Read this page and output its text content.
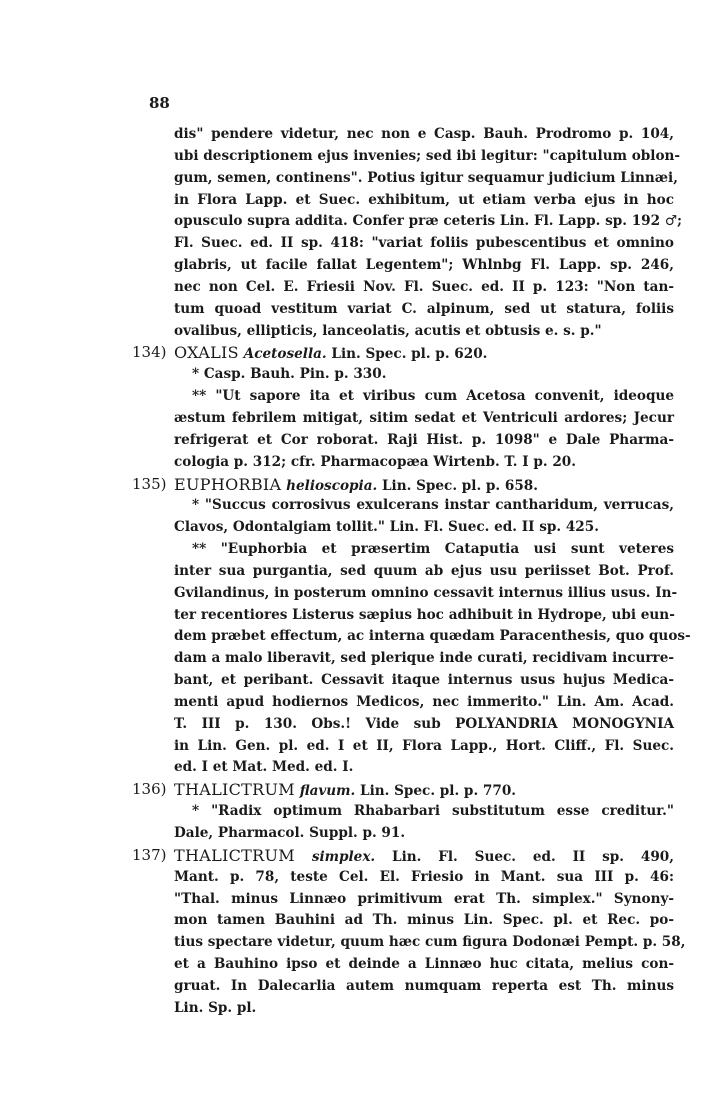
88
dis" pendere videtur, nec non e Casp. Bauh. Prodromo p. 104,
ubi descriptionem ejus invenies; sed ibi legitur: "capitulum oblon-
gum, semen, continens". Potius igitur sequamur judicium Linnæi,
in Flora Lapp. et Suec. exhibitum, ut etiam verba ejus in hoc
opusculo supra addita. Confer præ ceteris Lin. Fl. Lapp. sp. 192 ♂;
Fl. Suec. ed. II sp. 418: "variat foliis pubescentibus et omnino
glabris, ut facile fallat Legentem"; Whlnbg Fl. Lapp. sp. 246,
nec non Cel. E. Friesii Nov. Fl. Suec. ed. II p. 123: "Non tan-
tum quoad vestitum variat C. alpinum, sed ut statura, foliis
ovalibus, ellipticis, lanceolatis, acutis et obtusis e. s. p."
134) OXALIS Acetosella. Lin. Spec. pl. p. 620.
* Casp. Bauh. Pin. p. 330.
** "Ut sapore ita et viribus cum Acetosa convenit, ideoque
æstum febrilem mitigat, sitim sedat et Ventriculi ardores; Jecur
refrigerat et Cor roborat. Raji Hist. p. 1098" e Dale Pharma-
cologia p. 312; cfr. Pharmacopæa Wirtenb. T. I p. 20.
135) EUPHORBIA helioscopia. Lin. Spec. pl. p. 658.
* "Succus corrosivus exulcerans instar cantharidum, verrucas,
Clavos, Odontalgiam tollit." Lin. Fl. Suec. ed. II sp. 425.
** "Euphorbia et præsertim Cataputia usi sunt veteres
inter sua purgantia, sed quum ab ejus usu periisset Bot. Prof.
Gvilandinus, in posterum omnino cessavit internus illius usus. In-
ter recentiores Listerus sæpius hoc adhibuit in Hydrope, ubi eun-
dem præbet effectum, ac interna quædam Paracenthesis, quo quos-
dam a malo liberavit, sed plerique inde curati, recidivam incurre-
bant, et peribant. Cessavit itaque internus usus hujus Medica-
menti apud hodiernos Medicos, nec immerito." Lin. Am. Acad.
T. III p. 130. Obs.! Vide sub POLYANDRIA MONOGYNIA
in Lin. Gen. pl. ed. I et II, Flora Lapp., Hort. Cliff., Fl. Suec.
ed. I et Mat. Med. ed. I.
136) THALICTRUM flavum. Lin. Spec. pl. p. 770.
* "Radix optimum Rhabarbari substitutum esse creditur."
Dale, Pharmacol. Suppl. p. 91.
137) THALICTRUM simplex. Lin. Fl. Suec. ed. II sp. 490,
Mant. p. 78, teste Cel. El. Friesio in Mant. sua III p. 46:
"Thal. minus Linnæo primitivum erat Th. simplex." Synony-
mon tamen Bauhini ad Th. minus Lin. Spec. pl. et Rec. po-
tius spectare videtur, quum hæc cum figura Dodonæi Pempt. p. 58,
et a Bauhino ipso et deinde a Linnæo huc citata, melius con-
gruat. In Dalecarlia autem numquam reperta est Th. minus
Lin. Sp. pl.
